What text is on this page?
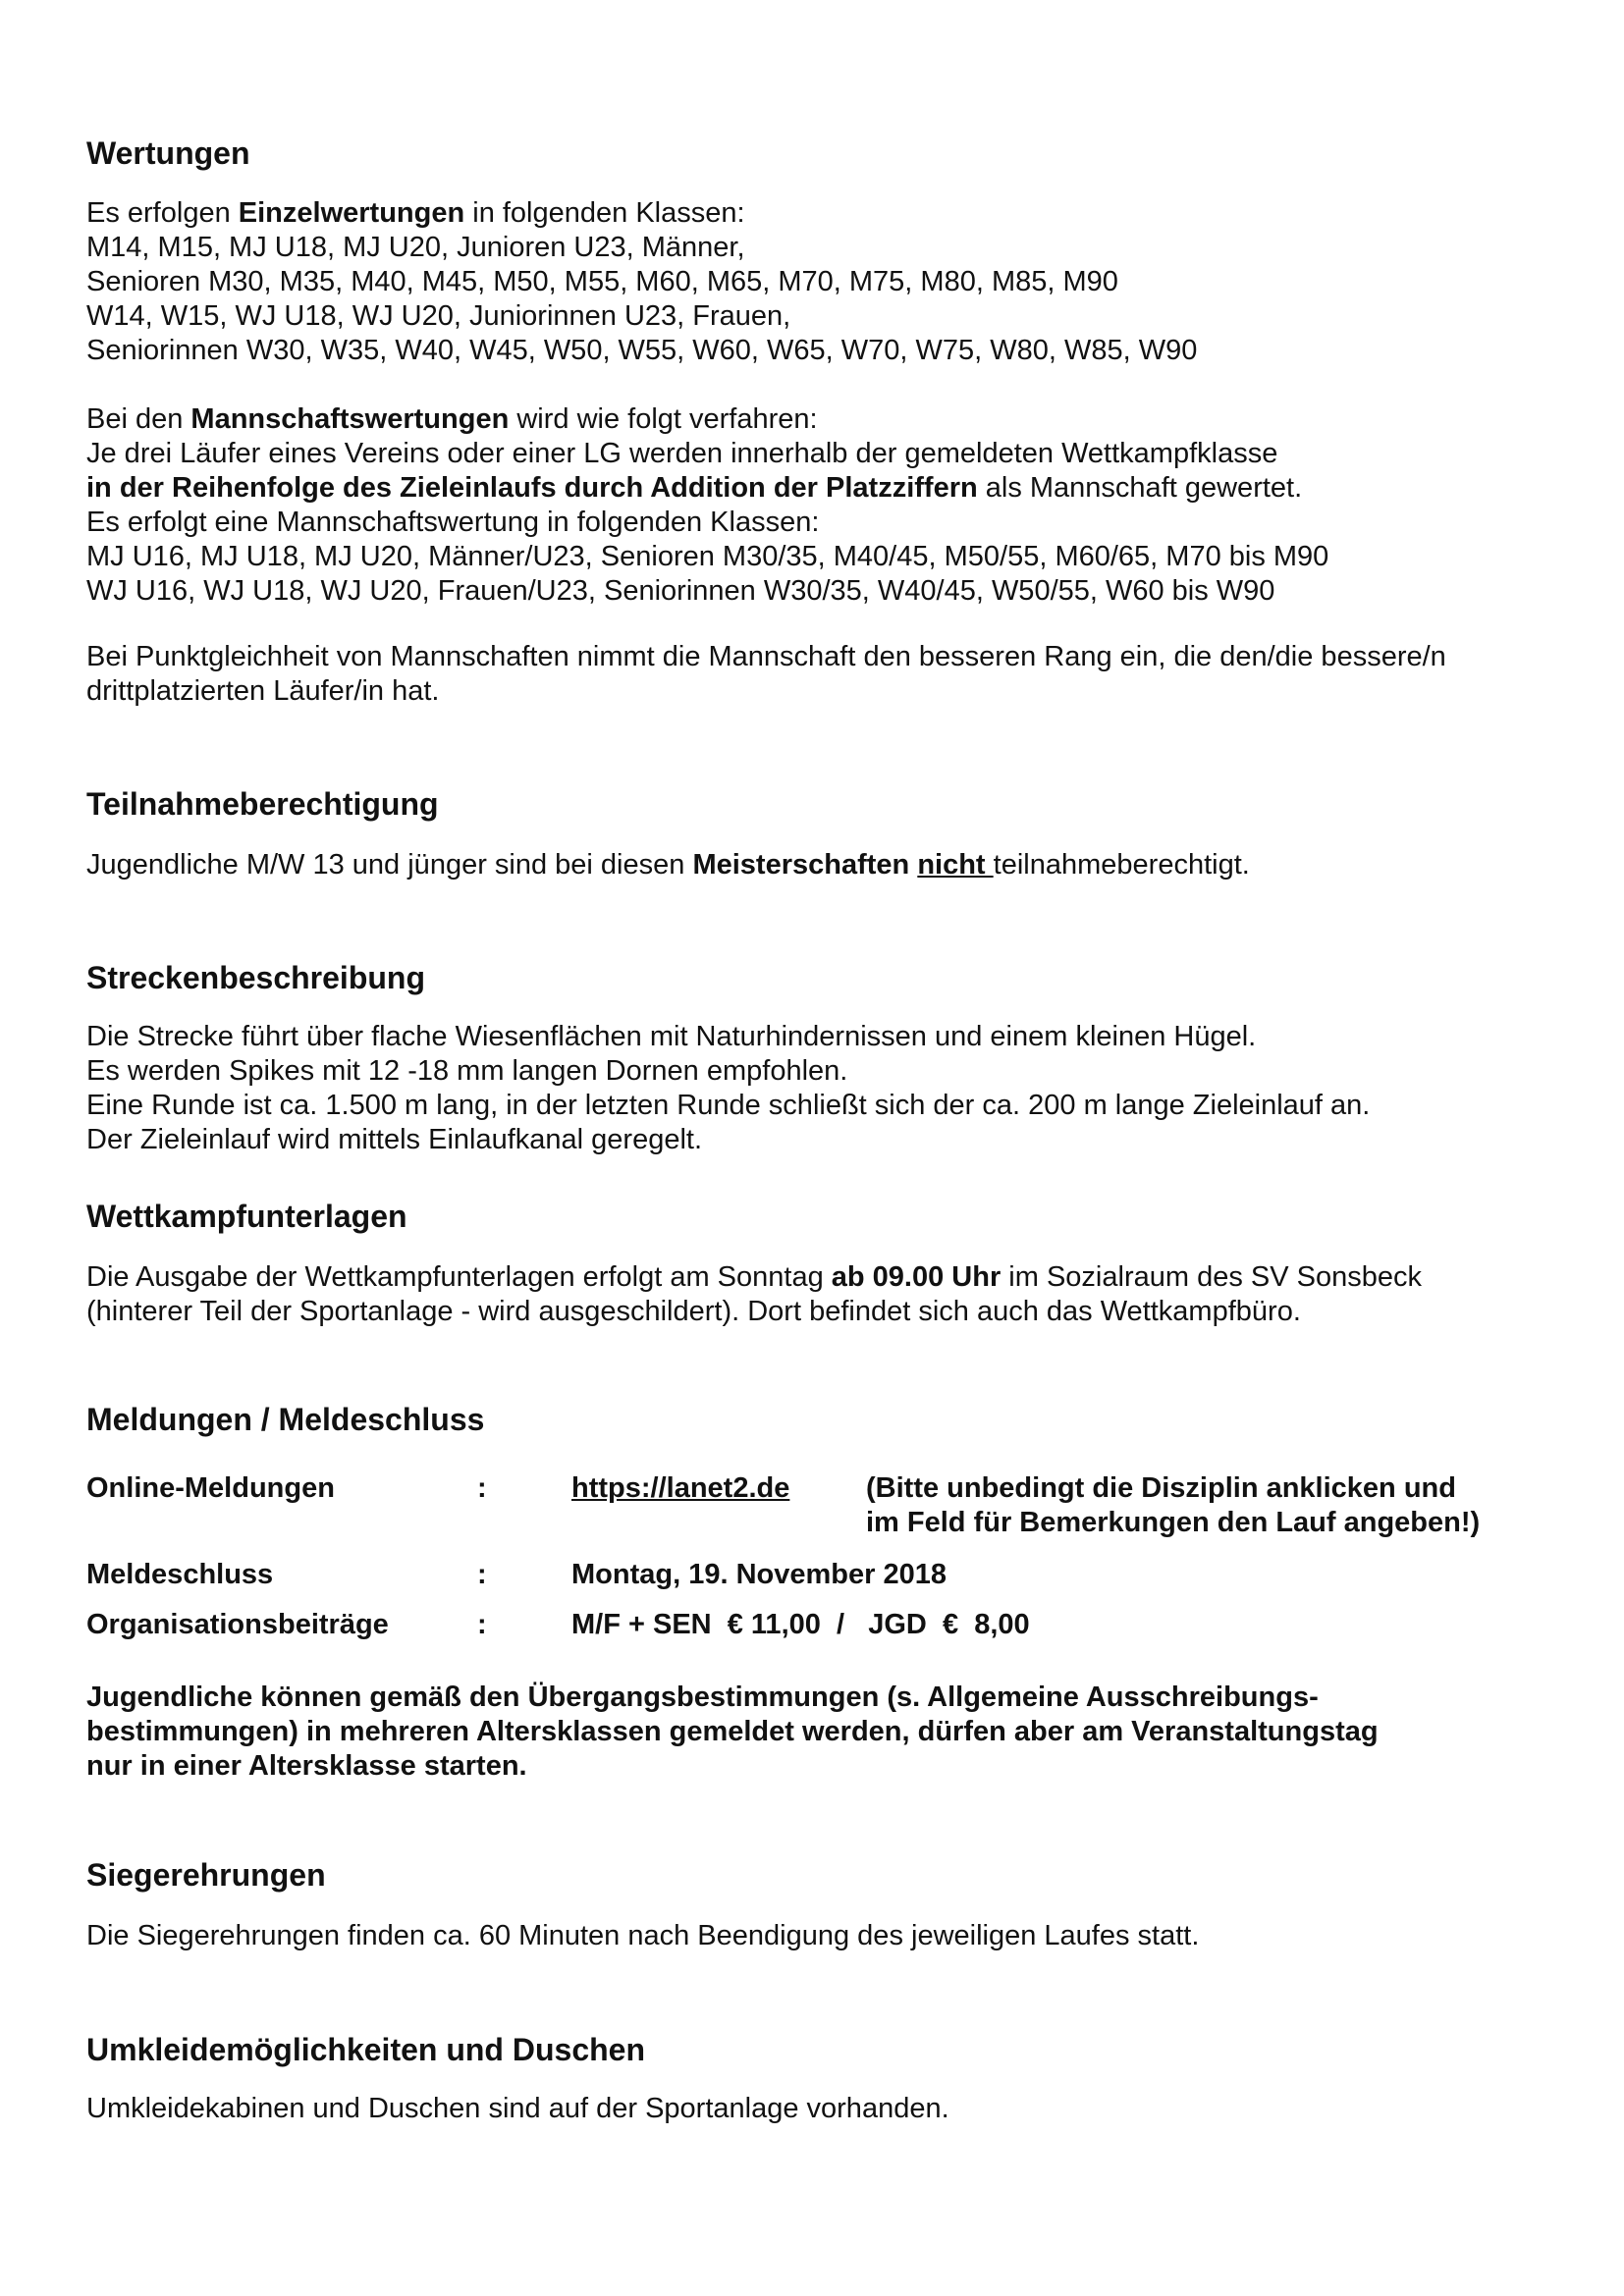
Wertungen
Es erfolgen Einzelwertungen in folgenden Klassen:
M14, M15, MJ U18, MJ U20, Junioren U23, Männer,
Senioren M30, M35, M40, M45, M50, M55, M60, M65, M70, M75, M80, M85, M90
W14, W15, WJ U18, WJ U20, Juniorinnen U23, Frauen,
Seniorinnen W30, W35, W40, W45, W50, W55, W60, W65, W70, W75, W80, W85, W90
Bei den Mannschaftswertungen wird wie folgt verfahren:
Je drei Läufer eines Vereins oder einer LG werden innerhalb der gemeldeten Wettkampfklasse
in der Reihenfolge des Zieleinlaufs durch Addition der Platzziffern als Mannschaft gewertet.
Es erfolgt eine Mannschaftswertung in folgenden Klassen:
MJ U16, MJ U18, MJ U20, Männer/U23, Senioren M30/35, M40/45, M50/55, M60/65, M70 bis M90
WJ U16, WJ U18, WJ U20, Frauen/U23, Seniorinnen W30/35, W40/45, W50/55, W60 bis W90
Bei Punktgleichheit von Mannschaften nimmt die Mannschaft den besseren Rang ein, die den/die bessere/n
drittplatzierten Läufer/in hat.
Teilnahmeberechtigung
Jugendliche M/W 13 und jünger sind bei diesen Meisterschaften nicht teilnahmeberechtigt.
Streckenbeschreibung
Die Strecke führt über flache Wiesenflächen mit Naturhindernissen und einem kleinen Hügel.
Es werden Spikes mit 12 -18 mm langen Dornen empfohlen.
Eine Runde ist ca. 1.500 m lang, in der letzten Runde schließt sich der ca. 200 m lange Zieleinlauf an.
Der Zieleinlauf wird mittels Einlaufkanal geregelt.
Wettkampfunterlagen
Die Ausgabe der Wettkampfunterlagen erfolgt am Sonntag ab 09.00 Uhr im Sozialraum des SV Sonsbeck
(hinterer Teil der Sportanlage - wird ausgeschildert). Dort befindet sich auch das Wettkampfbüro.
Meldungen / Meldeschluss
Online-Meldungen	:	https://lanet2.de	(Bitte unbedingt die Disziplin anklicken und
im Feld für Bemerkungen den Lauf angeben!)
Meldeschluss	:	Montag, 19. November 2018
Organisationsbeiträge	:	M/F + SEN  € 11,00  /   JGD  €  8,00
Jugendliche können gemäß den Übergangsbestimmungen (s. Allgemeine Ausschreibungs-
bestimmungen) in mehreren Altersklassen gemeldet werden, dürfen aber am Veranstaltungstag
nur in einer Altersklasse starten.
Siegerehrungen
Die Siegerehrungen finden ca. 60 Minuten nach Beendigung des jeweiligen Laufes statt.
Umkleidemöglichkeiten und Duschen
Umkleidekabinen und Duschen sind auf der Sportanlage vorhanden.
